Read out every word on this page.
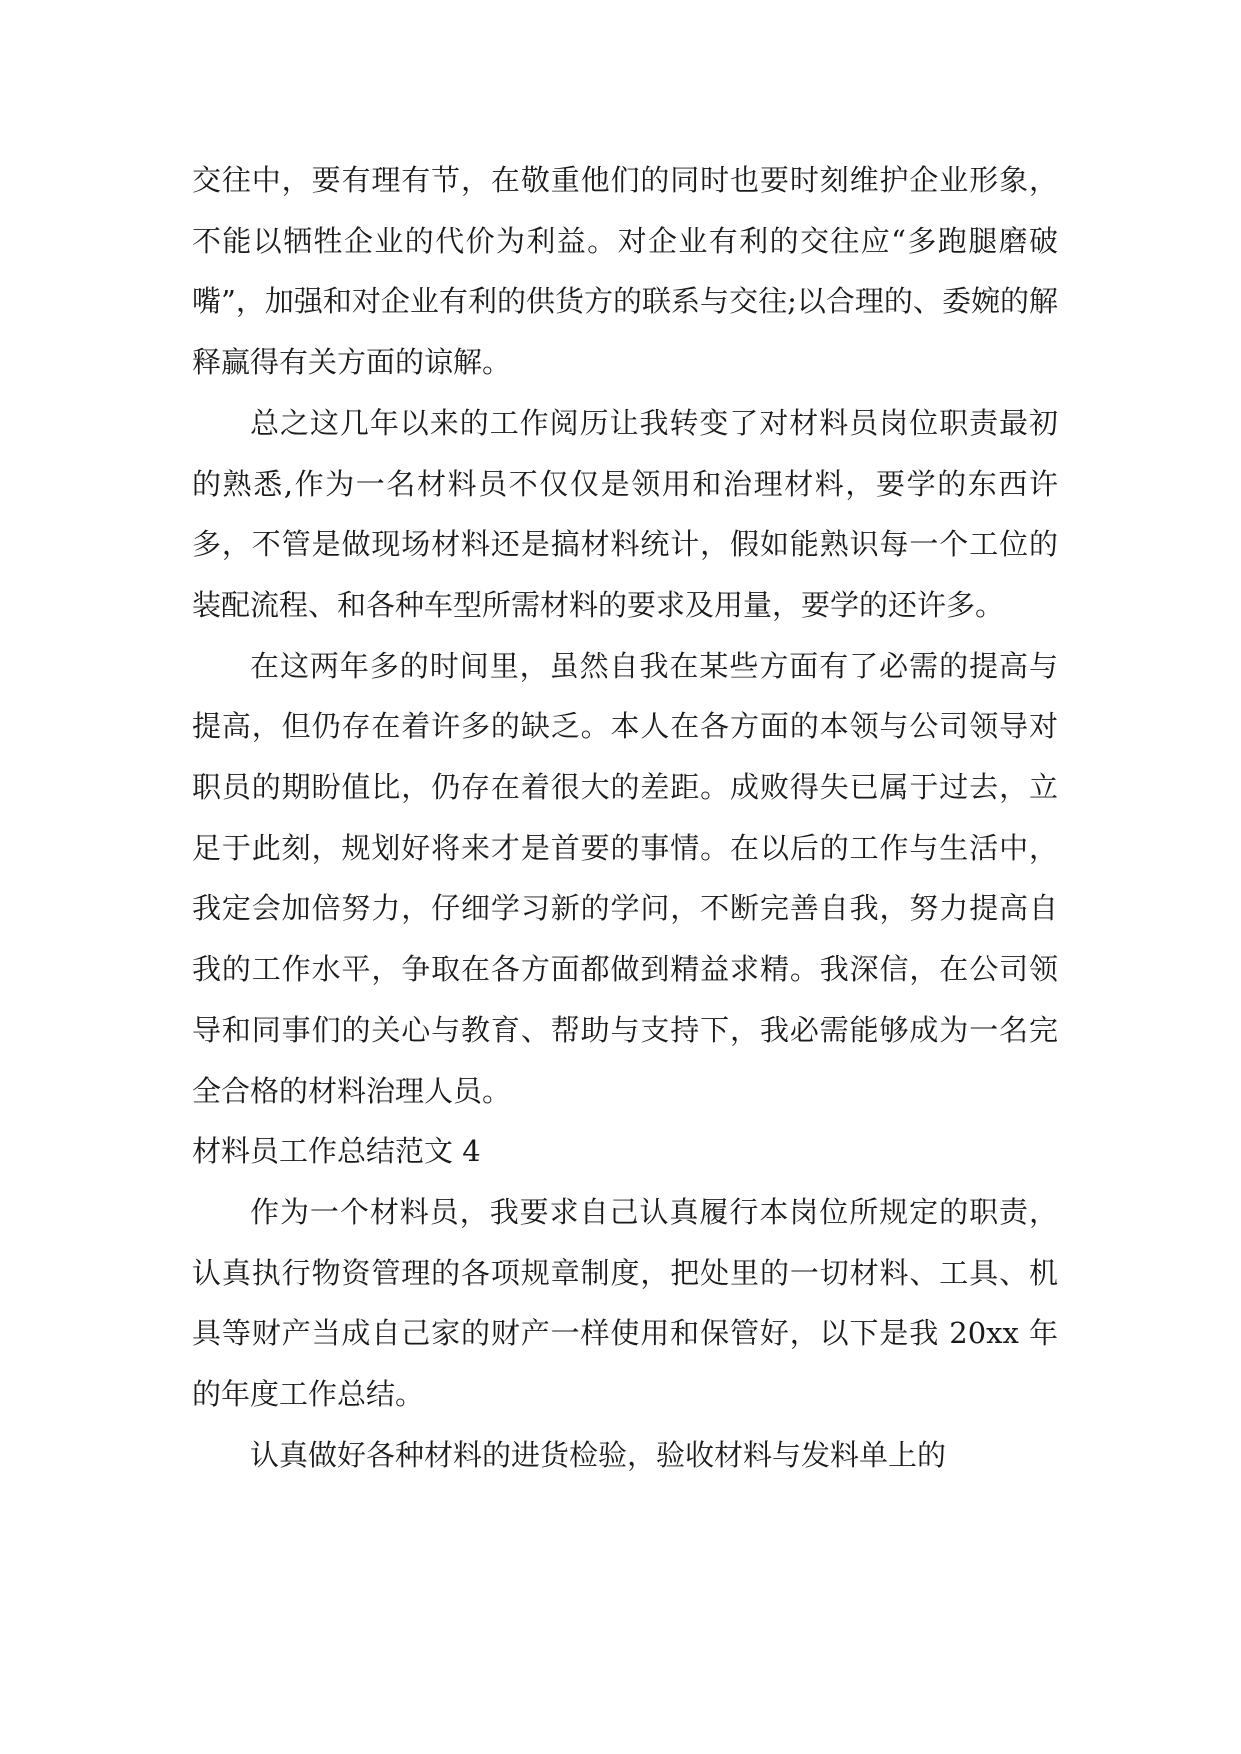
交往中，要有理有节，在敬重他们的同时也要时刻维护企业形象，不能以牺牲企业的代价为利益。对企业有利的交往应“多跑腿磨破嘴”，加强和对企业有利的供货方的联系与交往;以合理的、委婉的解释赢得有关方面的谅解。

总之这几年以来的工作阅历让我转变了对材料员岗位职责最初的熟悉,作为一名材料员不仅仅是领用和治理材料，要学的东西许多，不管是做现场材料还是搞材料统计，假如能熟识每一个工位的装配流程、和各种车型所需材料的要求及用量，要学的还许多。

在这两年多的时间里，虽然自我在某些方面有了必需的提高与提高，但仍存在着许多的缺乏。本人在各方面的本领与公司领导对职员的期盼值比，仍存在着很大的差距。成败得失已属于过去，立足于此刻，规划好将来才是首要的事情。在以后的工作与生活中，我定会加倍努力，仔细学习新的学问，不断完善自我，努力提高自我的工作水平，争取在各方面都做到精益求精。我深信，在公司领导和同事们的关心与教育、帮助与支持下，我必需能够成为一名完全合格的材料治理人员。

材料员工作总结范文 4

作为一个材料员，我要求自己认真履行本岗位所规定的职责，认真执行物资管理的各项规章制度，把处里的一切材料、工具、机具等财产当成自己家的财产一样使用和保管好，以下是我 20xx 年的年度工作总结。

认真做好各种材料的进货检验，验收材料与发料单上的
